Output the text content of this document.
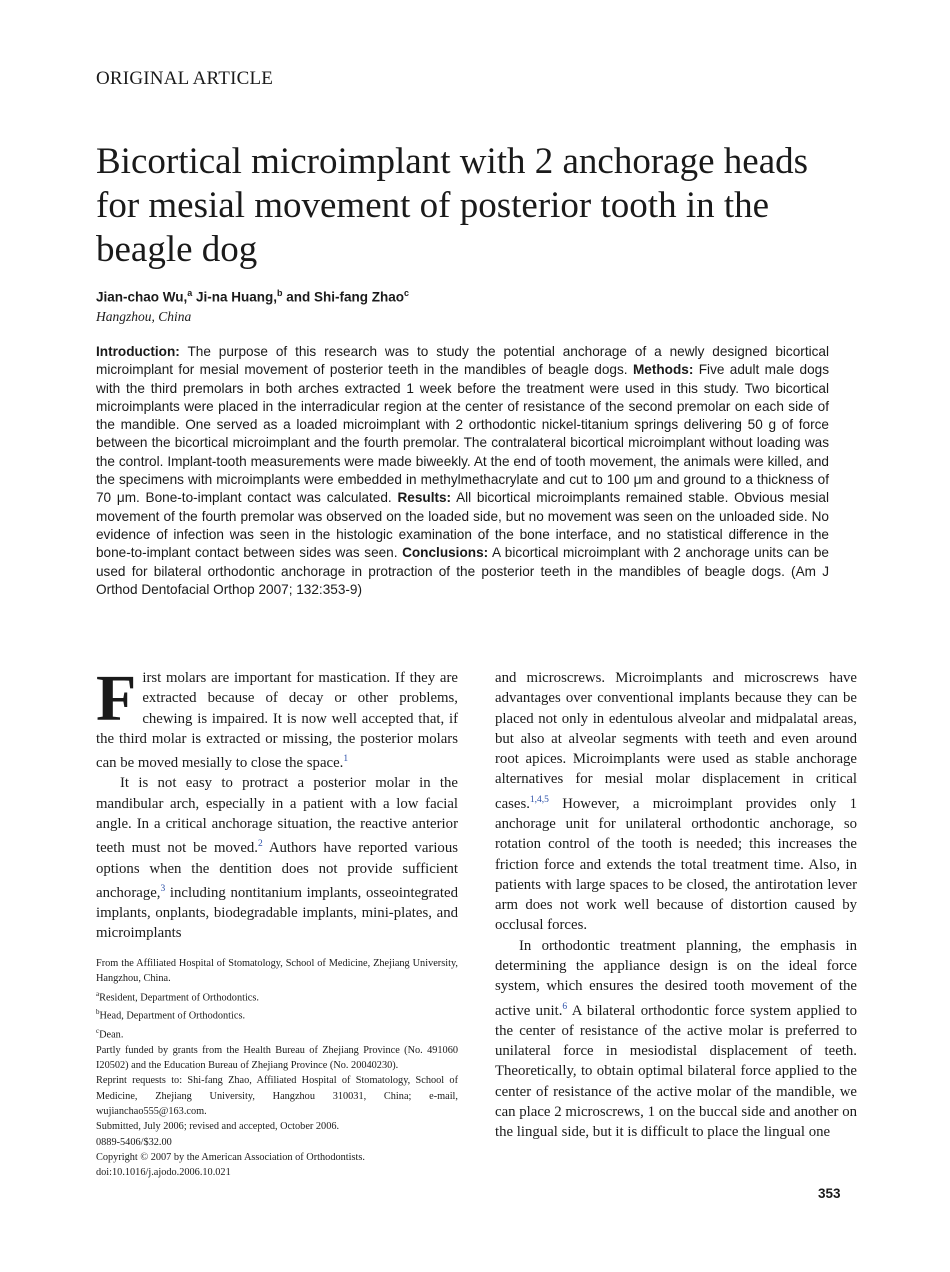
ORIGINAL ARTICLE
Bicortical microimplant with 2 anchorage heads for mesial movement of posterior tooth in the beagle dog
Jian-chao Wu,$^a$ Ji-na Huang,$^b$ and Shi-fang Zhao$^c$
Hangzhou, China

Introduction: The purpose of this research was to study the potential anchorage of a newly designed bicortical microimplant for mesial movement of posterior teeth in the mandibles of beagle dogs. Methods: Five adult male dogs with the third premolars in both arches extracted 1 week before the treatment were used in this study. Two bicortical microimplants were placed in the interradicular region at the center of resistance of the second premolar on each side of the mandible. One served as a loaded microimplant with 2 orthodontic nickel-titanium springs delivering 50 g of force between the bicortical microimplant and the fourth premolar. The contralateral bicortical microimplant without loading was the control. Implant-tooth measurements were made biweekly. At the end of tooth movement, the animals were killed, and the specimens with microimplants were embedded in methylmethacrylate and cut to 100 μm and ground to a thickness of 70 μm. Bone-to-implant contact was calculated. Results: All bicortical microimplants remained stable. Obvious mesial movement of the fourth premolar was observed on the loaded side, but no movement was seen on the unloaded side. No evidence of infection was seen in the histologic examination of the bone interface, and no statistical difference in the bone-to-implant contact between sides was seen. Conclusions: A bicortical microimplant with 2 anchorage units can be used for bilateral orthodontic anchorage in protraction of the posterior teeth in the mandibles of beagle dogs. (Am J Orthod Dentofacial Orthop 2007; 132:353-9)

First molars are important for mastication. If they are extracted because of decay or other problems, chewing is impaired. It is now well accepted that, if the third molar is extracted or missing, the posterior molars can be moved mesially to close the space.$^1$

It is not easy to protract a posterior molar in the mandibular arch, especially in a patient with a low facial angle. In a critical anchorage situation, the reactive anterior teeth must not be moved.$^2$ Authors have reported various options when the dentition does not provide sufficient anchorage,$^3$ including nontitanium implants, osseointegrated implants, onplants, biodegradable implants, mini-plates, and microimplants

and microscrews. Microimplants and microscrews have advantages over conventional implants because they can be placed not only in edentulous alveolar and midpalatal areas, but also at alveolar segments with teeth and even around root apices. Microimplants were used as stable anchorage alternatives for mesial molar displacement in critical cases.$^{1,4,5}$ However, a microimplant provides only 1 anchorage unit for unilateral orthodontic anchorage, so rotation control of the tooth is needed; this increases the friction force and extends the total treatment time. Also, in patients with large spaces to be closed, the antirotation lever arm does not work well because of distortion caused by occlusal forces.

In orthodontic treatment planning, the emphasis in determining the appliance design is on the ideal force system, which ensures the desired tooth movement of the active unit.$^6$ A bilateral orthodontic force system applied to the center of resistance of the active molar is preferred to unilateral force in mesiodistal displacement of teeth. Theoretically, to obtain optimal bilateral force applied to the center of resistance of the active molar of the mandible, we can place 2 microscrews, 1 on the buccal side and another on the lingual side, but it is difficult to place the lingual one

From the Affiliated Hospital of Stomatology, School of Medicine, Zhejiang University, Hangzhou, China.
$^a$Resident, Department of Orthodontics.
$^b$Head, Department of Orthodontics.
$^c$Dean.
Partly funded by grants from the Health Bureau of Zhejiang Province (No. 491060 I20502) and the Education Bureau of Zhejiang Province (No. 20040230).
Reprint requests to: Shi-fang Zhao, Affiliated Hospital of Stomatology, School of Medicine, Zhejiang University, Hangzhou 310031, China; e-mail, wujianchao555@163.com.
Submitted, July 2006; revised and accepted, October 2006.
0889-5406/$32.00
Copyright © 2007 by the American Association of Orthodontists.
doi:10.1016/j.ajodo.2006.10.021
353
